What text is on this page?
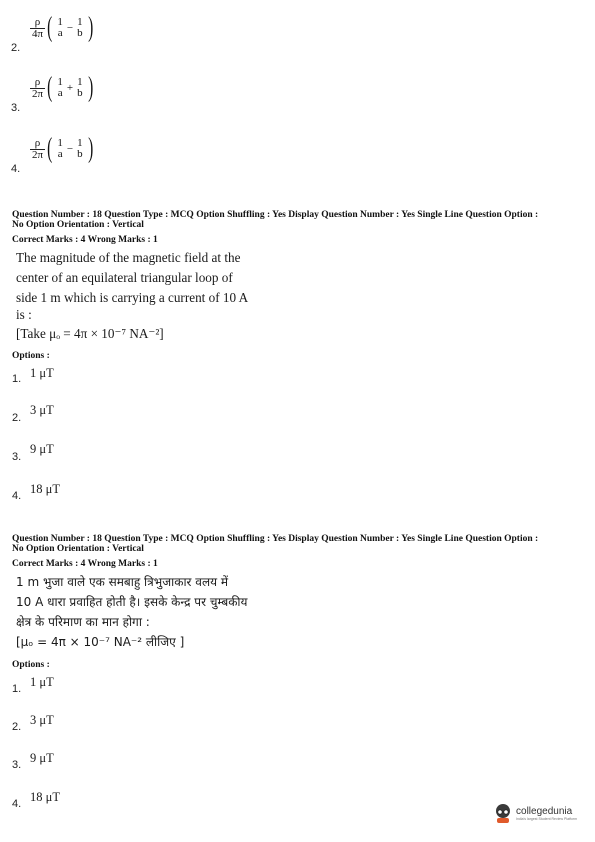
$\frac{\rho}{4\pi}$ ( 1
a − 1
b )
2.
$\frac{\rho}{2\pi}$ ( 1
a + 1
b )
3.
$\frac{\rho}{2\pi}$ ( 1
a − 1
b )
4.
Question Number : 18 Question Type : MCQ Option Shuffling : Yes Display Question Number : Yes Single Line Question Option :
No Option Orientation : Vertical
Correct Marks : 4 Wrong Marks : 1
The magnitude of the magnetic field at the
center of an equilateral triangular loop of
side 1 m which is carrying a current of 10 A
is :
[Take μₒ = 4π × 10⁻⁷ NA⁻²]
Options :
1. 1 μT
2.
3 μT
3.
9 μT
4. 18 μT
Question Number : 18 Question Type : MCQ Option Shuffling : Yes Display Question Number : Yes Single Line Question Option :
No Option Orientation : Vertical
Correct Marks : 4 Wrong Marks : 1
1 m भुजा वाले एक समबाहु त्रिभुजाकार वलय में
10 A धारा प्रवाहित होती है। इसके केन्द्र पर चुम्बकीय
क्षेत्र के परिमाण का मान होगा :
[μₒ = 4π × 10⁻⁷ NA⁻² लीजिए ]
Options :
1. 1 μT
2. 3 μT
3. 9 μT
4. 18 μT
collegedunia
India's largest Student Review Platform
